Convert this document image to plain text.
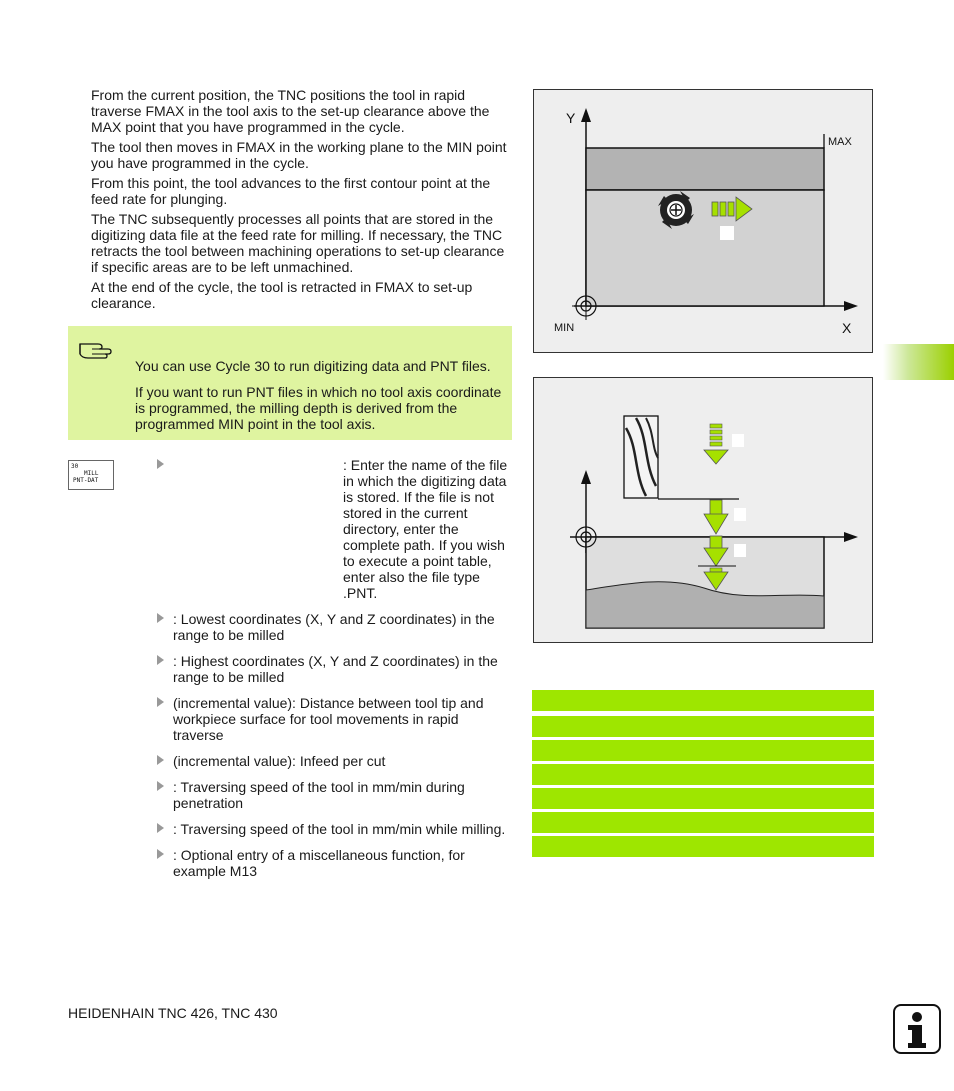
From the current position, the TNC positions the tool in rapid traverse FMAX in the tool axis to the set-up clearance above the MAX point that you have programmed in the cycle.

The tool then moves in FMAX in the working plane to the MIN point you have programmed in the cycle.

From this point, the tool advances to the first contour point at the feed rate for plunging.

The TNC subsequently processes all points that are stored in the digitizing data file at the feed rate for milling. If necessary, the TNC retracts the tool between machining operations to set-up clearance if specific areas are to be left unmachined.

At the end of the cycle, the tool is retracted in FMAX to set-up clearance.

You can use Cycle 30 to run digitizing data and PNT files.

If you want to run PNT files in which no tool axis coordinate is programmed, the milling depth is derived from the programmed MIN point in the tool axis.

30
MILL
PNT-DAT
: Enter the name of the file in which the digitizing data is stored. If the file is not stored in the current directory, enter the complete path. If you wish to execute a point table, enter also the file type .PNT.
: Lowest coordinates (X, Y and Z coordinates) in the range to be milled
: Highest coordinates (X, Y and Z coordinates) in the range to be milled
(incremental value): Distance between tool tip and workpiece surface for tool movements in rapid traverse
(incremental value): Infeed per cut
: Traversing speed of the tool in mm/min during penetration
: Traversing speed of the tool in mm/min while milling.
: Optional entry of a miscellaneous function, for example M13
Y
X
MAX
MIN
HEIDENHAIN TNC 426, TNC 430
